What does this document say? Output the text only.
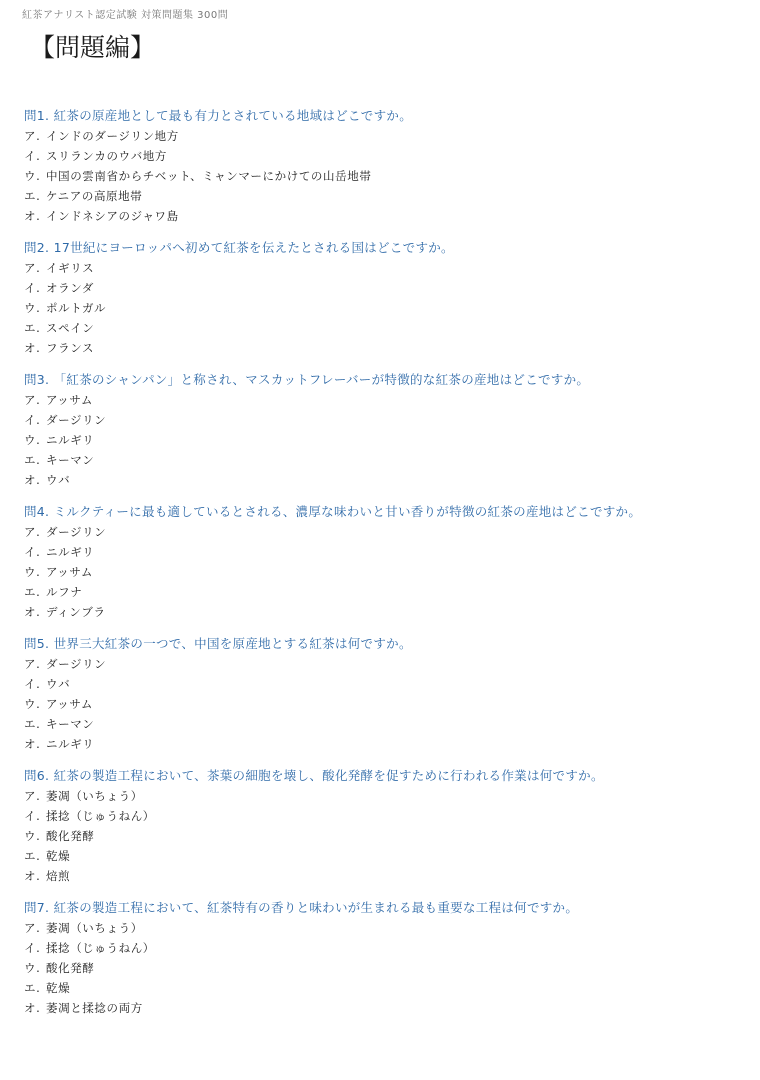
紅茶アナリスト認定試験 対策問題集 300問
【問題編】
問1. 紅茶の原産地として最も有力とされている地域はどこですか。
ア. インドのダージリン地方
イ. スリランカのウバ地方
ウ. 中国の雲南省からチベット、ミャンマーにかけての山岳地帯
エ. ケニアの高原地帯
オ. インドネシアのジャワ島
問2. 17世紀にヨーロッパへ初めて紅茶を伝えたとされる国はどこですか。
ア. イギリス
イ. オランダ
ウ. ポルトガル
エ. スペイン
オ. フランス
問3. 「紅茶のシャンパン」と称され、マスカットフレーバーが特徴的な紅茶の産地はどこですか。
ア. アッサム
イ. ダージリン
ウ. ニルギリ
エ. キーマン
オ. ウバ
問4. ミルクティーに最も適しているとされる、濃厚な味わいと甘い香りが特徴の紅茶の産地はどこですか。
ア. ダージリン
イ. ニルギリ
ウ. アッサム
エ. ルフナ
オ. ディンブラ
問5. 世界三大紅茶の一つで、中国を原産地とする紅茶は何ですか。
ア. ダージリン
イ. ウバ
ウ. アッサム
エ. キーマン
オ. ニルギリ
問6. 紅茶の製造工程において、茶葉の細胞を壊し、酸化発酵を促すために行われる作業は何ですか。
ア. 萎凋（いちょう）
イ. 揉捻（じゅうねん）
ウ. 酸化発酵
エ. 乾燥
オ. 焙煎
問7. 紅茶の製造工程において、紅茶特有の香りと味わいが生まれる最も重要な工程は何ですか。
ア. 萎凋（いちょう）
イ. 揉捻（じゅうねん）
ウ. 酸化発酵
エ. 乾燥
オ. 萎凋と揉捻の両方
